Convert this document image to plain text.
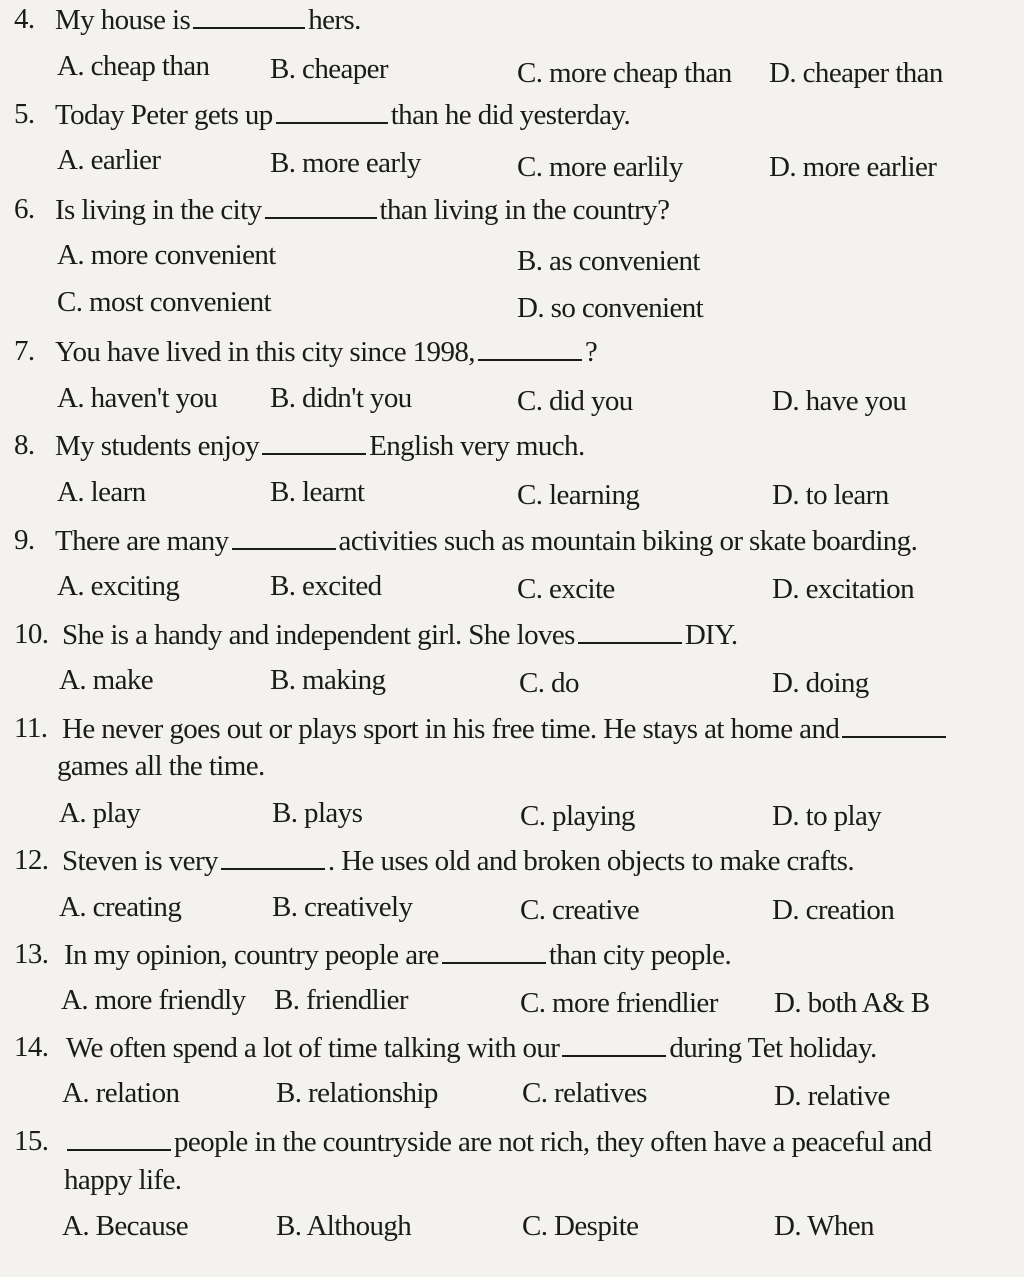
4. My house is	hers.
A. cheap than B. cheaper	C. more cheap than D. cheaper than
5. Today Peter gets up	than he did yesterday.
A. earlier	B. more early	C. more earlily	D. more earlier
6. Is living in the city	than living in the country?
A. more convenient	B. as convenient
C. most convenient	D. so convenient
7. You have lived in this city since 1998,	?
A. haven't you B. didn't you	C. did you	D. have you
8. My students enjoy	English very much.
A. learn	B. learnt	C. learning	D. to learn
9. There are many	activities such as mountain biking or skate boarding.
A. exciting	B. excited	C. excite	D. excitation
10. She is a handy and independent girl. She loves	DIY.
A. make	B. making	C. do	D. doing
11. He never goes out or plays sport in his free time. He stays at home and
games all the time.
A. play	B. plays	C. playing	D. to play
12. Steven is very	. He uses old and broken objects to make crafts.
A. creating	B. creatively	C. creative	D. creation
13. In my opinion, country people are	than city people.
A. more friendly B. friendlier	C. more friendlier D. both A& B
14. We often spend a lot of time talking with our	during Tet holiday.
A. relation	B. relationship	C. relatives	D. relative
15.	people in the countryside are not rich, they often have a peaceful and
happy life.
A. Because	B. Although	C. Despite	D. When
